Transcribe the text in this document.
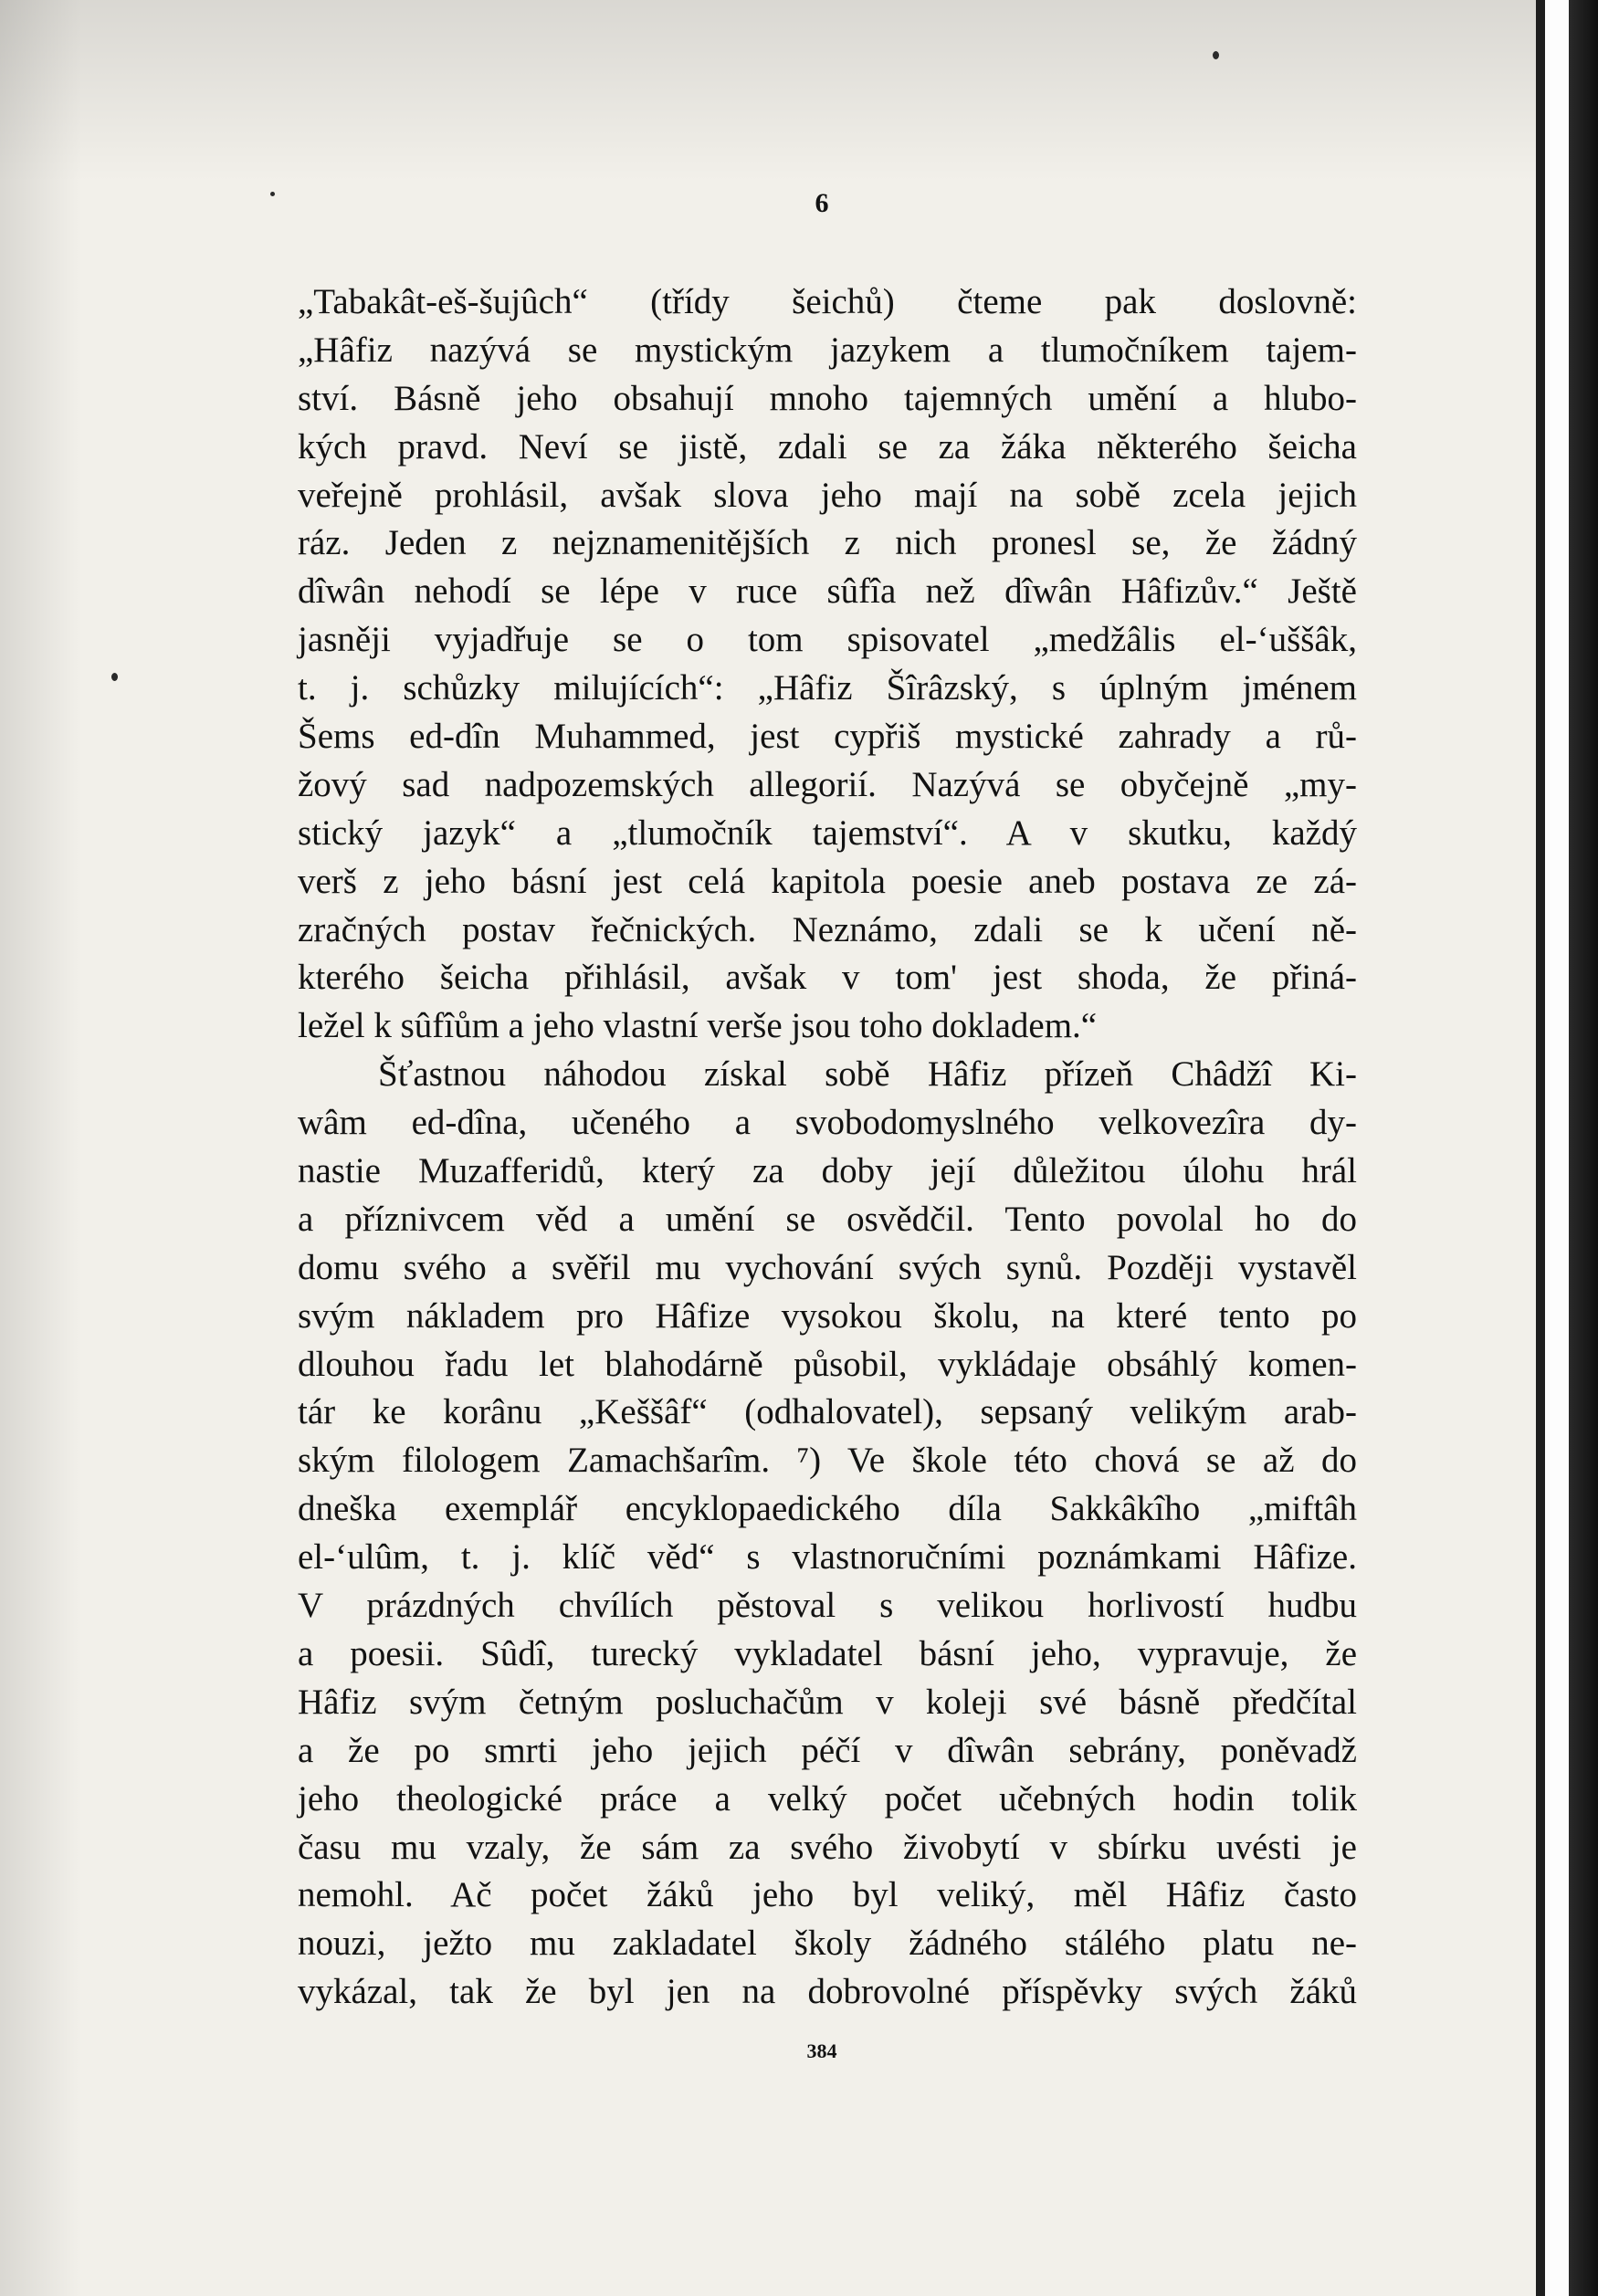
6
„Tabakât-eš-šujûch“ (třídy šeichů) čteme pak doslovně:
„Hâfiz nazývá se mystickým jazykem a tlumočníkem tajem-
ství. Básně jeho obsahují mnoho tajemných umění a hlubo-
kých pravd. Neví se jistě, zdali se za žáka některého šeicha
veřejně prohlásil, avšak slova jeho mají na sobě zcela jejich
ráz. Jeden z nejznamenitějších z nich pronesl se, že žádný
dîwân nehodí se lépe v ruce sûfîa než dîwân Hâfizův.“ Ještě
jasněji vyjadřuje se o tom spisovatel „medžâlis el-ʻuššâk,
t. j. schůzky milujících“: „Hâfiz Šîrâzský, s úplným jménem
Šems ed-dîn Muhammed, jest cypřiš mystické zahrady a rů-
žový sad nadpozemských allegorií. Nazývá se obyčejně „my-
stický jazyk“ a „tlumočník tajemství“. A v skutku, každý
verš z jeho básní jest celá kapitola poesie aneb postava ze zá-
zračných postav řečnických. Neznámo, zdali se k učení ně-
kterého šeicha přihlásil, avšak v tom' jest shoda, že přiná-
ležel k sûfîům a jeho vlastní verše jsou toho dokladem.“
Šťastnou náhodou získal sobě Hâfiz přízeň Châdžî Ki-
wâm ed-dîna, učeného a svobodomyslného velkovezîra dy-
nastie Muzafferidů, který za doby její důležitou úlohu hrál
a příznivcem věd a umění se osvědčil. Tento povolal ho do
domu svého a svěřil mu vychování svých synů. Později vystavěl
svým nákladem pro Hâfize vysokou školu, na které tento po
dlouhou řadu let blahodárně působil, vykládaje obsáhlý komen-
tár ke korânu „Keššâf“ (odhalovatel), sepsaný velikým arab-
ským filologem Zamachšarîm. ⁷) Ve škole této chová se až do
dneška exemplář encyklopaedického díla Sakkâkîho „miftâh
el-ʻulûm, t. j. klíč věd“ s vlastnoručními poznámkami Hâfize.
V prázdných chvílích pěstoval s velikou horlivostí hudbu
a poesii. Sûdî, turecký vykladatel básní jeho, vypravuje, že
Hâfiz svým četným posluchačům v koleji své básně předčítal
a že po smrti jeho jejich péčí v dîwân sebrány, poněvadž
jeho theologické práce a velký počet učebných hodin tolik
času mu vzaly, že sám za svého živobytí v sbírku uvésti je
nemohl. Ač počet žáků jeho byl veliký, měl Hâfiz často
nouzi, ježto mu zakladatel školy žádného stálého platu ne-
vykázal, tak že byl jen na dobrovolné příspěvky svých žáků
384
